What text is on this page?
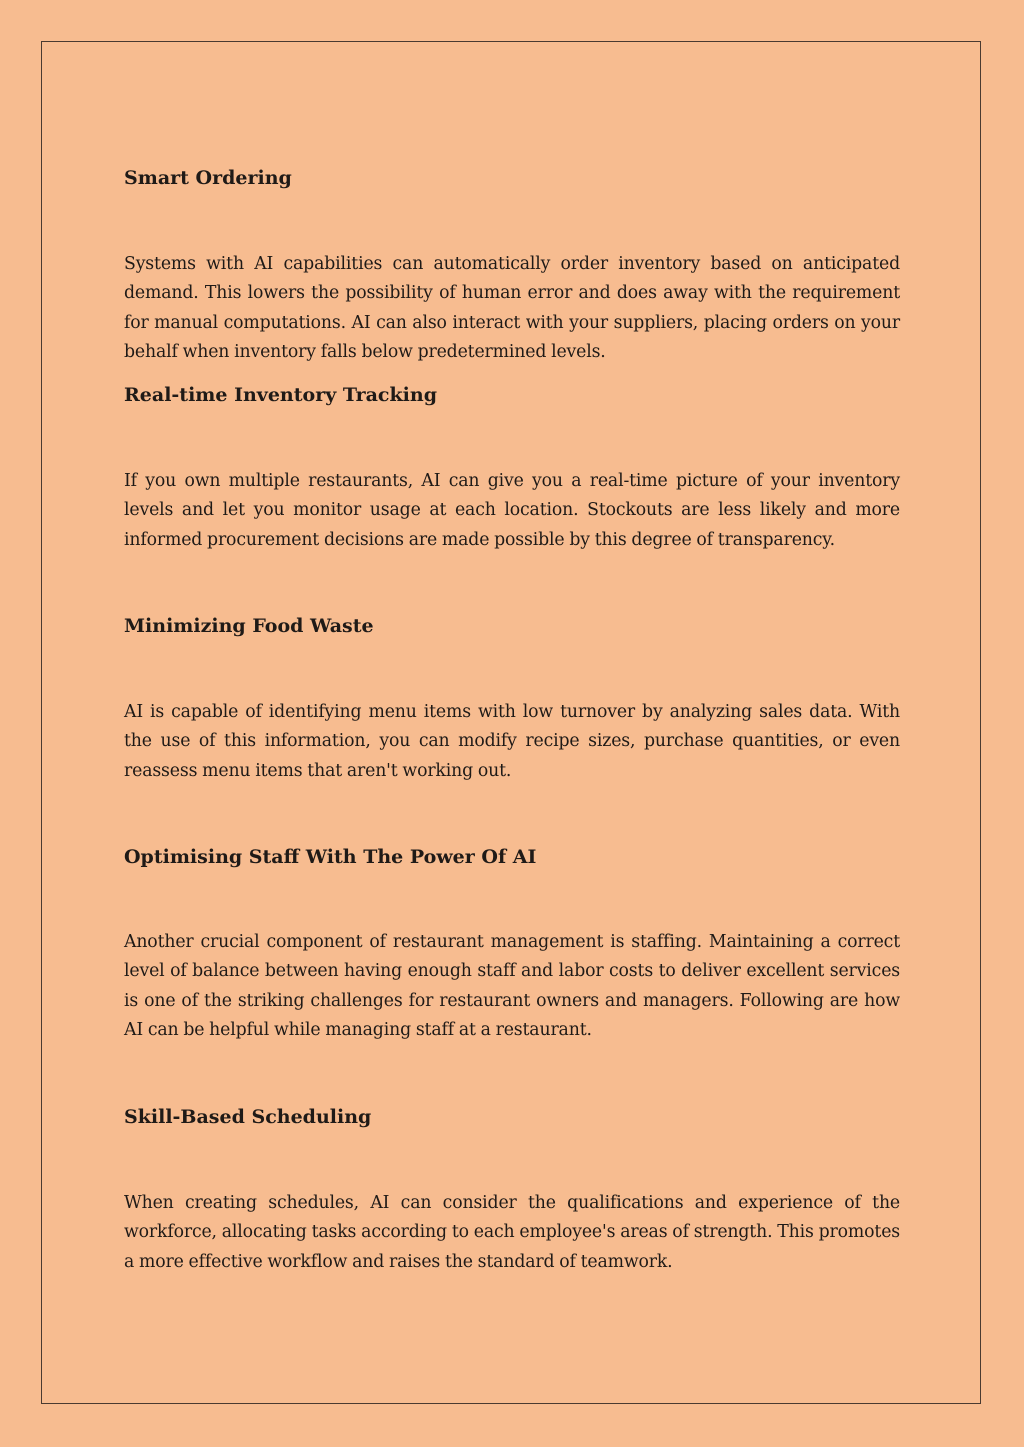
Smart Ordering

Systems with AI capabilities can automatically order inventory based on anticipated demand. This lowers the possibility of human error and does away with the requirement for manual computations. AI can also interact with your suppliers, placing orders on your behalf when inventory falls below predetermined levels.

Real-time Inventory Tracking

If you own multiple restaurants, AI can give you a real-time picture of your inventory levels and let you monitor usage at each location. Stockouts are less likely and more informed procurement decisions are made possible by this degree of transparency.

Minimizing Food Waste

AI is capable of identifying menu items with low turnover by analyzing sales data. With the use of this information, you can modify recipe sizes, purchase quantities, or even reassess menu items that aren't working out.

Optimising Staff With The Power Of AI

Another crucial component of restaurant management is staffing. Maintaining a correct level of balance between having enough staff and labor costs to deliver excellent services is one of the striking challenges for restaurant owners and managers. Following are how AI can be helpful while managing staff at a restaurant.

Skill-Based Scheduling

When creating schedules, AI can consider the qualifications and experience of the workforce, allocating tasks according to each employee's areas of strength. This promotes a more effective workflow and raises the standard of teamwork.
